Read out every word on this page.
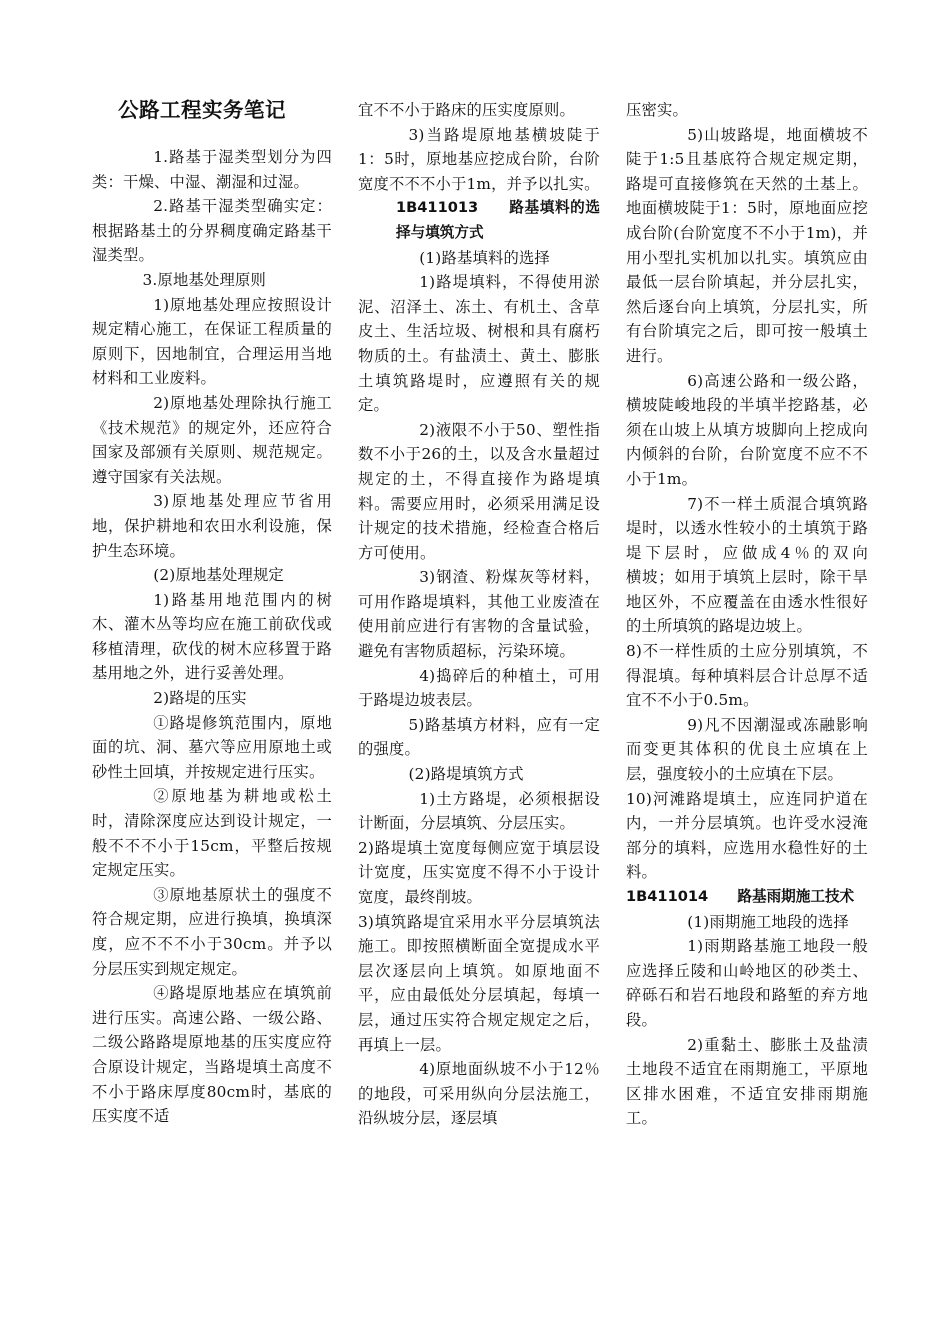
公路工程实务笔记

1.路基于湿类型划分为四类：干燥、中湿、潮湿和过湿。

2.路基干湿类型确实定：根据路基土的分界稠度确定路基干湿类型。

3.原地基处理原则

1)原地基处理应按照设计规定精心施工，在保证工程质量的原则下，因地制宜，合理运用当地材料和工业废料。

2)原地基处理除执行施工《技术规范》的规定外，还应符合国家及部颁有关原则、规范规定。遵守国家有关法规。

3)原地基处理应节省用地，保护耕地和农田水利设施，保护生态环境。

(2)原地基处理规定

1)路基用地范围内的树木、灌木丛等均应在施工前砍伐或移植清理，砍伐的树木应移置于路基用地之外，进行妥善处理。

2)路堤的压实

①路堤修筑范围内，原地面的坑、洞、墓穴等应用原地土或砂性土回填，并按规定进行压实。

②原地基为耕地或松土时，清除深度应达到设计规定，一般不不不小于15cm，平整后按规定规定压实。

③原地基原状土的强度不符合规定期，应进行换填，换填深度，应不不不小于30cm。并予以分层压实到规定规定。

④路堤原地基应在填筑前进行压实。高速公路、一级公路、二级公路路堤原地基的压实度应符合原设计规定，当路堤填土高度不不小于路床厚度80cm时，基底的压实度不适

宜不不小于路床的压实度原则。

3)当路堤原地基横坡陡于1：5时，原地基应挖成台阶，台阶宽度不不不小于1m，并予以扎实。

1B411013　　路基填料的选择与填筑方式

(1)路基填料的选择

1)路堤填料，不得使用淤泥、沼泽土、冻土、有机土、含草皮土、生活垃圾、树根和具有腐朽物质的土。有盐渍土、黄土、膨胀土填筑路堤时，应遵照有关的规定。

2)液限不小于50、塑性指数不小于26的土，以及含水量超过规定的土，不得直接作为路堤填料。需要应用时，必须采用满足设计规定的技术措施，经检查合格后方可使用。

3)钢渣、粉煤灰等材料，可用作路堤填料，其他工业废渣在使用前应进行有害物的含量试验，避免有害物质超标，污染环境。

4)捣碎后的种植土，可用于路堤边坡表层。

5)路基填方材料，应有一定的强度。

(2)路堤填筑方式

1)土方路堤，必须根据设计断面，分层填筑、分层压实。

2)路堤填土宽度每侧应宽于填层设计宽度，压实宽度不得不小于设计宽度，最终削坡。

3)填筑路堤宜采用水平分层填筑法施工。即按照横断面全宽提成水平层次逐层向上填筑。如原地面不平，应由最低处分层填起，每填一层，通过压实符合规定规定之后，再填上一层。

4)原地面纵坡不小于12％的地段，可采用纵向分层法施工，沿纵坡分层，逐层填

压密实。

5)山坡路堤，地面横坡不陡于1:5且基底符合规定规定期，路堤可直接修筑在天然的土基上。地面横坡陡于1：5时，原地面应挖成台阶(台阶宽度不不小于1m)，并用小型扎实机加以扎实。填筑应由最低一层台阶填起，并分层扎实，然后逐台向上填筑，分层扎实，所有台阶填完之后，即可按一般填土进行。

6)高速公路和一级公路，横坡陡峻地段的半填半挖路基，必须在山坡上从填方坡脚向上挖成向内倾斜的台阶，台阶宽度不应不不小于1m。

7)不一样土质混合填筑路堤时，以透水性较小的土填筑于路堤下层时，应做成4％的双向　　横坡；如用于填筑上层时，除干旱地区外，不应覆盖在由透水性很好的土所填筑的路堤边坡上。

8)不一样性质的土应分别填筑，不得混填。每种填料层合计总厚不适宜不不小于0.5m。

9)凡不因潮湿或冻融影响而变更其体积的优良土应填在上层，强度较小的土应填在下层。

10)河滩路堤填土，应连同护道在内，一并分层填筑。也许受水浸淹部分的填料，应选用水稳性好的土料。

1B411014　　路基雨期施工技术

(1)雨期施工地段的选择

1)雨期路基施工地段一般应选择丘陵和山岭地区的砂类土、碎砾石和岩石地段和路堑的弃方地段。

2)重黏土、膨胀土及盐渍土地段不适宜在雨期施工，平原地区排水困难，不适宜安排雨期施工。
